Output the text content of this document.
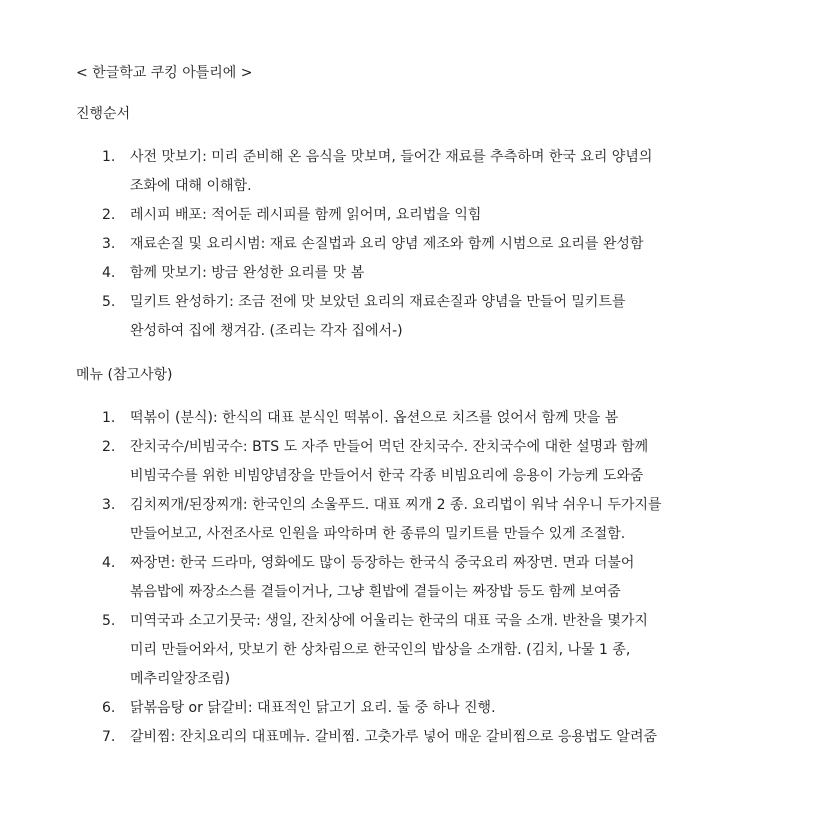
< 한글학교 쿠킹 아틀리에 >
진행순서
1.	사전 맛보기: 미리 준비해 온 음식을 맛보며, 들어간 재료를 추측하며 한국 요리 양념의
조화에 대해 이해함.
2.	레시피 배포: 적어둔 레시피를 함께 읽어며, 요리법을 익힘
3.	재료손질 및 요리시범: 재료 손질법과 요리 양념 제조와 함께 시범으로 요리를 완성함
4.	함께 맛보기: 방금 완성한 요리를 맛 봄
5.	밀키트 완성하기: 조금 전에 맛 보았던 요리의 재료손질과 양념을 만들어 밀키트를
완성하여 집에 챙겨감. (조리는 각자 집에서-)
메뉴 (참고사항)
1.	떡볶이 (분식): 한식의 대표 분식인 떡볶이. 옵션으로 치즈를 얹어서 함께 맛을 봄
2.	잔치국수/비빔국수: BTS 도 자주 만들어 먹던 잔치국수. 잔치국수에 대한 설명과 함께
비빔국수를 위한 비빔양념장을 만들어서 한국 각종 비빔요리에 응용이 가능케 도와줌
3.	김치찌개/된장찌개: 한국인의 소울푸드. 대표 찌개 2 종. 요리법이 워낙 쉬우니 두가지를
만들어보고, 사전조사로 인원을 파악하며 한 종류의 밀키트를 만들수 있게 조절함.
4.	짜장면: 한국 드라마, 영화에도 많이 등장하는 한국식 중국요리 짜장면. 면과 더불어
볶음밥에 짜장소스를 곁들이거나, 그냥 흰밥에 곁들이는 짜장밥 등도 함께 보여줌
5.	미역국과 소고기뭇국: 생일, 잔치상에 어울리는 한국의 대표 국을 소개. 반찬을 몇가지
미리 만들어와서, 맛보기 한 상차림으로 한국인의 밥상을 소개함. (김치, 나물 1 종,
메추리알장조림)
6.	닭볶음탕 or 닭갈비: 대표적인 닭고기 요리. 둘 중 하나 진행.
7.	갈비찜: 잔치요리의 대표메뉴. 갈비찜. 고춧가루 넣어 매운 갈비찜으로 응용법도 알려줌
